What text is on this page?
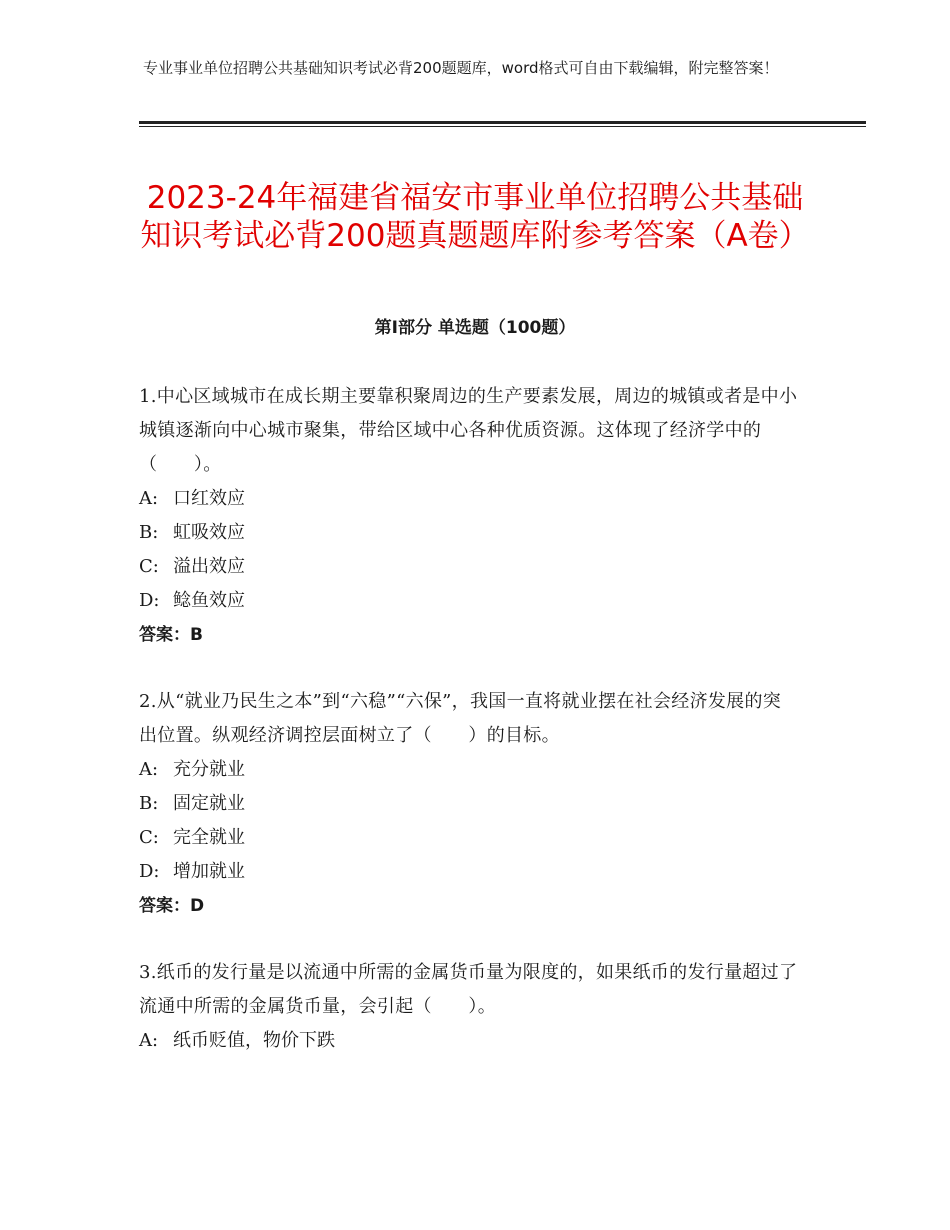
专业事业单位招聘公共基础知识考试必背200题题库，word格式可自由下载编辑，附完整答案！
2023-24年福建省福安市事业单位招聘公共基础知识考试必背200题真题题库附参考答案（A卷）
第Ⅰ部分 单选题（100题）

1.中心区域城市在成长期主要靠积聚周边的生产要素发展，周边的城镇或者是中小城镇逐渐向中心城市聚集，带给区域中心各种优质资源。这体现了经济学中的（　　）。

A: 口红效应

B: 虹吸效应

C: 溢出效应

D: 鲶鱼效应

答案：B

2.从“就业乃民生之本”到“六稳”“六保”，我国一直将就业摆在社会经济发展的突出位置。纵观经济调控层面树立了（　　）的目标。

A: 充分就业

B: 固定就业

C: 完全就业

D: 增加就业

答案：D

3.纸币的发行量是以流通中所需的金属货币量为限度的，如果纸币的发行量超过了流通中所需的金属货币量，会引起（　　）。

A: 纸币贬值，物价下跌
